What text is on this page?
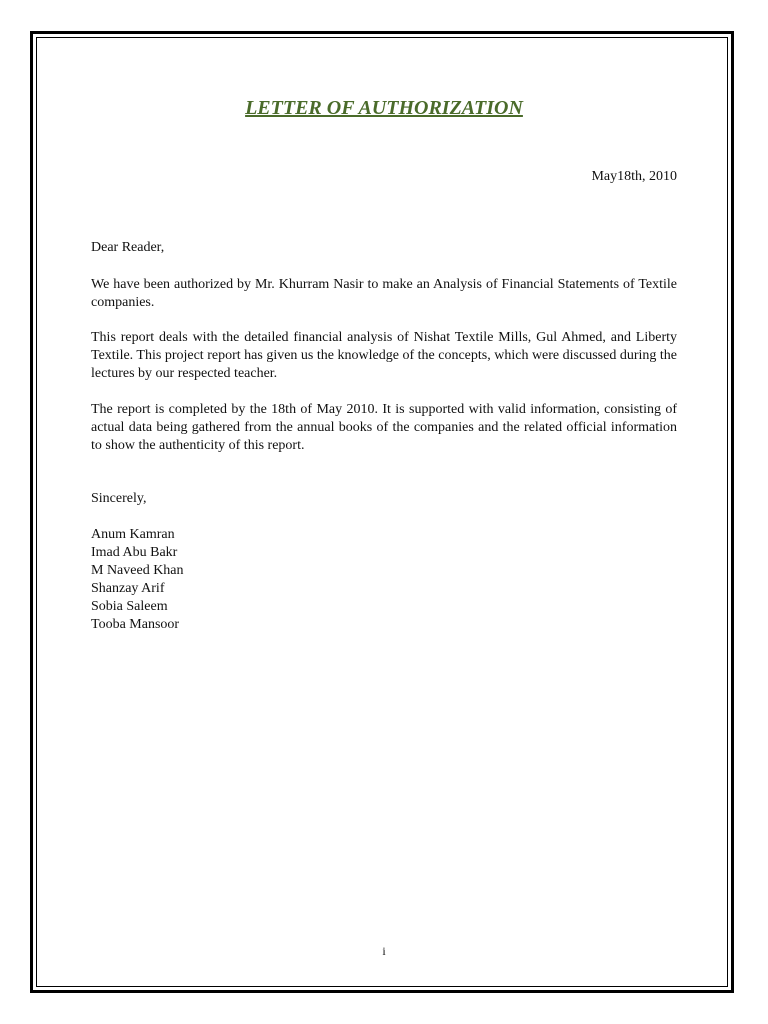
LETTER OF AUTHORIZATION
May18th, 2010
Dear Reader,
We have been authorized by Mr. Khurram Nasir to make an Analysis of Financial Statements of Textile companies.
This report deals with the detailed financial analysis of Nishat Textile Mills, Gul Ahmed, and Liberty Textile. This project report has given us the knowledge of the concepts, which were discussed during the lectures by our respected teacher.
The report is completed by the 18th of May 2010. It is supported with valid information, consisting of actual data being gathered from the annual books of the companies and the related official information to show the authenticity of this report.
Sincerely,
Anum Kamran
Imad Abu Bakr
M Naveed Khan
Shanzay Arif
Sobia Saleem
Tooba Mansoor
i
